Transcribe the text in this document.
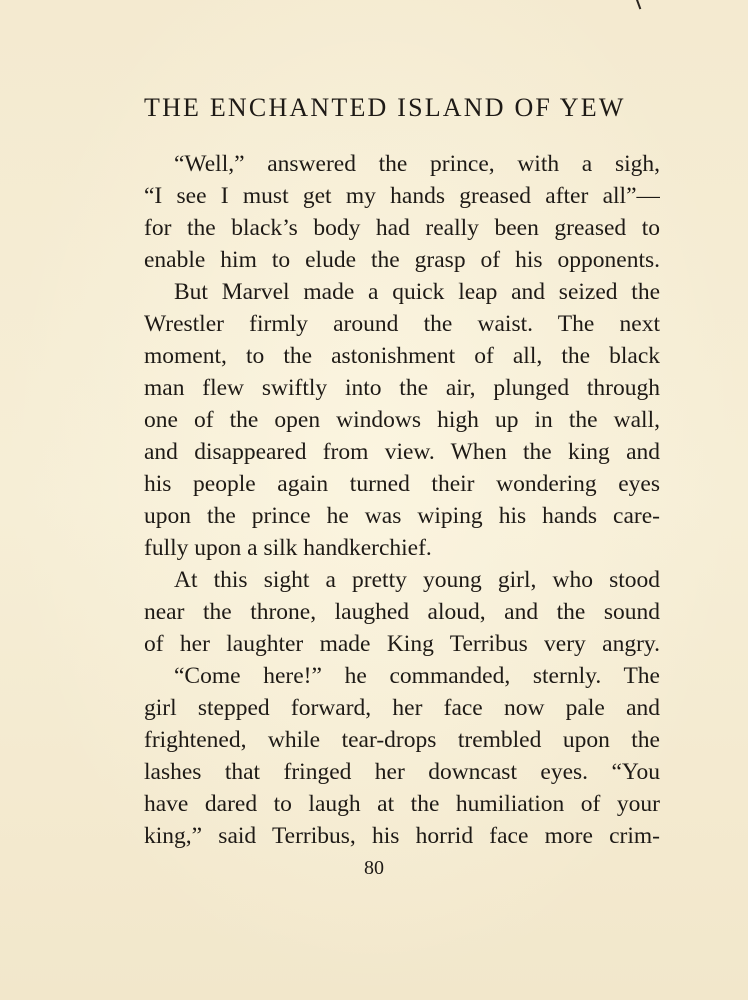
THE ENCHANTED ISLAND OF YEW
“Well,” answered the prince, with a sigh,
“I see I must get my hands greased after all”—
for the black’s body had really been greased to
enable him to elude the grasp of his opponents.
But Marvel made a quick leap and seized the
Wrestler firmly around the waist. The next
moment, to the astonishment of all, the black
man flew swiftly into the air, plunged through
one of the open windows high up in the wall,
and disappeared from view. When the king and
his people again turned their wondering eyes
upon the prince he was wiping his hands care-
fully upon a silk handkerchief.
At this sight a pretty young girl, who stood
near the throne, laughed aloud, and the sound
of her laughter made King Terribus very angry.
“Come here!” he commanded, sternly. The
girl stepped forward, her face now pale and
frightened, while tear-drops trembled upon the
lashes that fringed her downcast eyes. “You
have dared to laugh at the humiliation of your
king,” said Terribus, his horrid face more crim-
80
